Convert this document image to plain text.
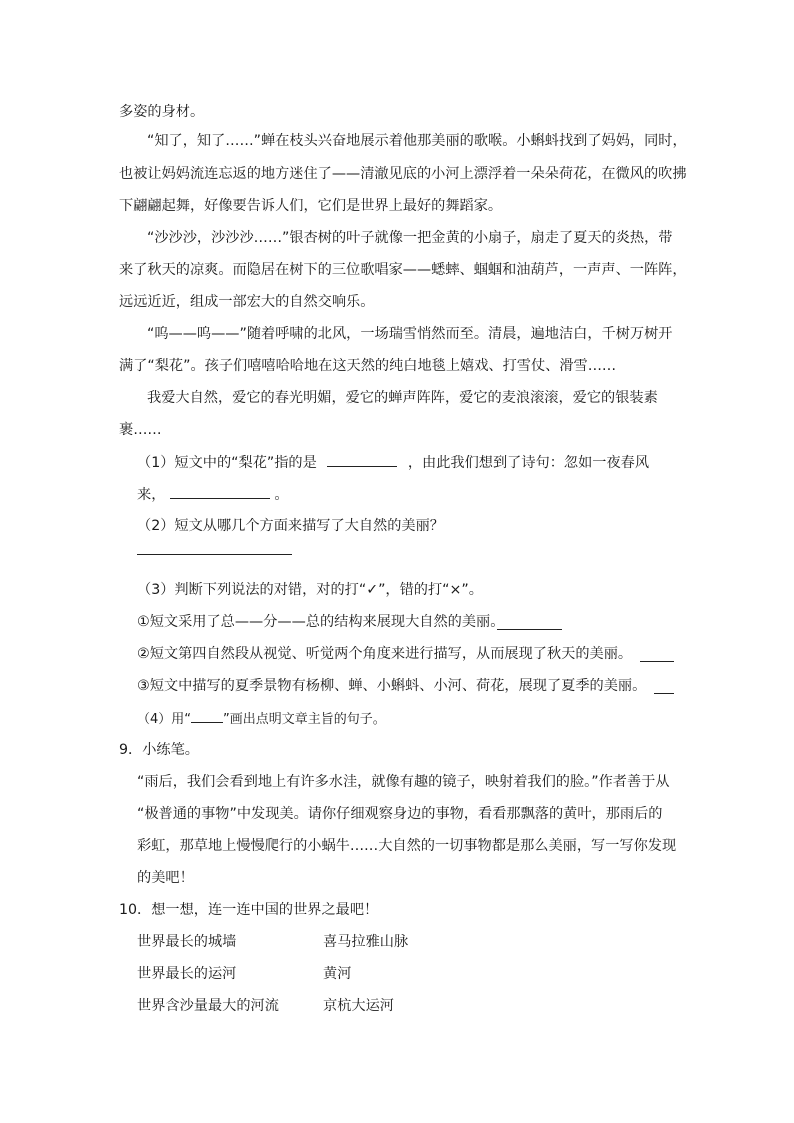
多姿的身材。
“知了，知了……”蝉在枝头兴奋地展示着他那美丽的歌喉。小蝌蚪找到了妈妈，同时，
也被让妈妈流连忘返的地方迷住了——清澈见底的小河上漂浮着一朵朵荷花，在微风的吹拂
下翩翩起舞，好像要告诉人们，它们是世界上最好的舞蹈家。
“沙沙沙，沙沙沙……”银杏树的叶子就像一把金黄的小扇子，扇走了夏天的炎热，带
来了秋天的凉爽。而隐居在树下的三位歌唱家——蟋蟀、蝈蝈和油葫芦，一声声、一阵阵，
远远近近，组成一部宏大的自然交响乐。
“呜——呜——”随着呼啸的北风，一场瑞雪悄然而至。清晨，遍地洁白，千树万树开
满了“梨花”。孩子们嘻嘻哈哈地在这天然的纯白地毯上嬉戏、打雪仗、滑雪……
我爱大自然，爱它的春光明媚，爱它的蝉声阵阵，爱它的麦浪滚滚，爱它的银装素
裹……
（1）短文中的“梨花”指的是	，由此我们想到了诗句：忽如一夜春风
来，	。
（2）短文从哪几个方面来描写了大自然的美丽？
（3）判断下列说法的对错，对的打“✓”，错的打“×”。
①短文采用了总——分——总的结构来展现大自然的美丽。
②短文第四自然段从视觉、听觉两个角度来进行描写，从而展现了秋天的美丽。
③短文中描写的夏季景物有杨柳、蝉、小蝌蚪、小河、荷花，展现了夏季的美丽。
（4）用“ ”画出点明文章主旨的句子。
9．小练笔。
“雨后，我们会看到地上有许多水洼，就像有趣的镜子，映射着我们的脸。”作者善于从
“极普通的事物”中发现美。请你仔细观察身边的事物，看看那飘落的黄叶，那雨后的
彩虹，那草地上慢慢爬行的小蜗牛……大自然的一切事物都是那么美丽，写一写你发现
的美吧！
10．想一想，连一连中国的世界之最吧！
世界最长的城墙	喜马拉雅山脉
世界最长的运河	黄河
世界含沙量最大的河流	京杭大运河
